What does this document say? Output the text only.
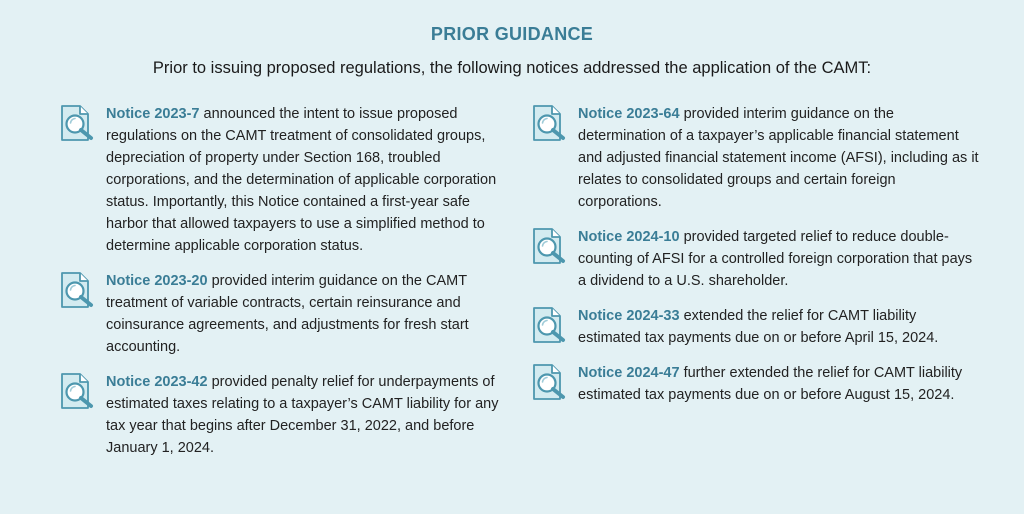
PRIOR GUIDANCE
Prior to issuing proposed regulations, the following notices addressed the application of the CAMT:
Notice 2023-7 announced the intent to issue proposed regulations on the CAMT treatment of consolidated groups, depreciation of property under Section 168, troubled corporations, and the determination of applicable corporation status. Importantly, this Notice contained a first-year safe harbor that allowed taxpayers to use a simplified method to determine applicable corporation status.
Notice 2023-20 provided interim guidance on the CAMT treatment of variable contracts, certain reinsurance and coinsurance agreements, and adjustments for fresh start accounting.
Notice 2023-42 provided penalty relief for underpayments of estimated taxes relating to a taxpayer’s CAMT liability for any tax year that begins after December 31, 2022, and before January 1, 2024.
Notice 2023-64 provided interim guidance on the determination of a taxpayer’s applicable financial statement and adjusted financial statement income (AFSI), including as it relates to consolidated groups and certain foreign corporations.
Notice 2024-10 provided targeted relief to reduce double-counting of AFSI for a controlled foreign corporation that pays a dividend to a U.S. shareholder.
Notice 2024-33 extended the relief for CAMT liability estimated tax payments due on or before April 15, 2024.
Notice 2024-47 further extended the relief for CAMT liability estimated tax payments due on or before August 15, 2024.
